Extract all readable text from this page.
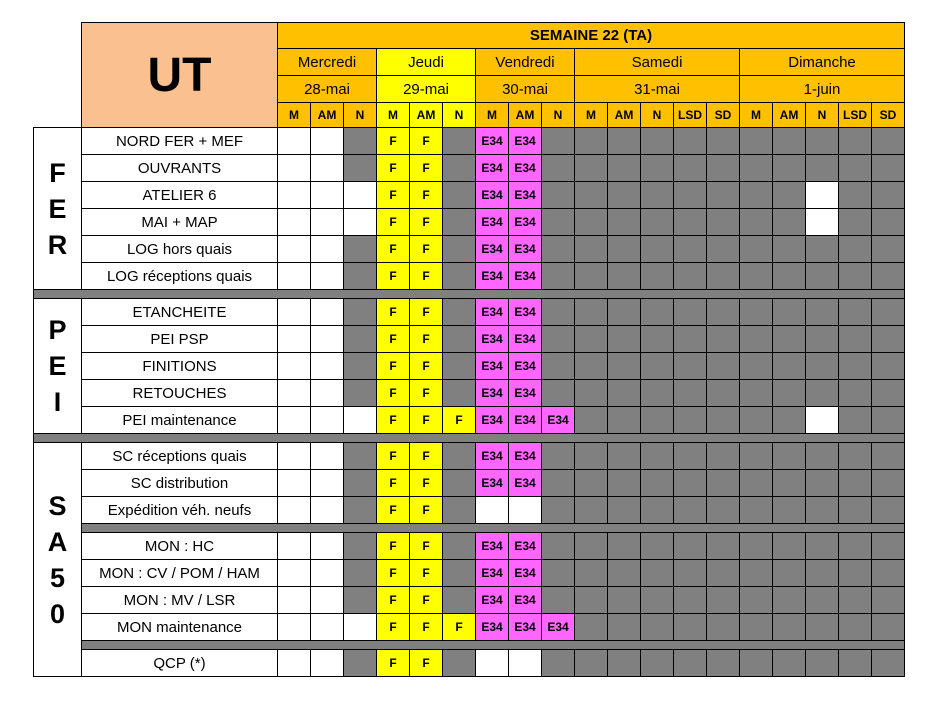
	UT	SEMAINE 22 (TA)																		
		Mercredi			Jeudi			Vendredi			Samedi					Dimanche				
		28-mai			29-mai			30-mai			31-mai					1-juin				
		M	AM	N	M	AM	N	M	AM	N	M	AM	N	LSD	SD	M	AM	N	LSD	SD

F
E
R	NORD FER + MEF				F	F		E34	E34											
	OUVRANTS				F	F		E34	E34											
	ATELIER 6				F	F		E34	E34											
	MAI + MAP				F	F		E34	E34											
	LOG hors quais				F	F		E34	E34											
	LOG réceptions quais				F	F		E34	E34											

P
E
I	ETANCHEITE				F	F		E34	E34											
	PEI PSP				F	F		E34	E34											
	FINITIONS				F	F		E34	E34											
	RETOUCHES				F	F		E34	E34											
	PEI maintenance				F	F	F	E34	E34	E34										

S
A
5
0	SC réceptions quais				F	F		E34	E34											
	SC distribution				F	F		E34	E34											
	Expédition véh. neufs				F	F														

	MON : HC				F	F		E34	E34											
	MON : CV / POM / HAM				F	F		E34	E34											
	MON : MV / LSR				F	F		E34	E34											
	MON maintenance				F	F	F	E34	E34	E34										

	QCP (*)				F	F														
